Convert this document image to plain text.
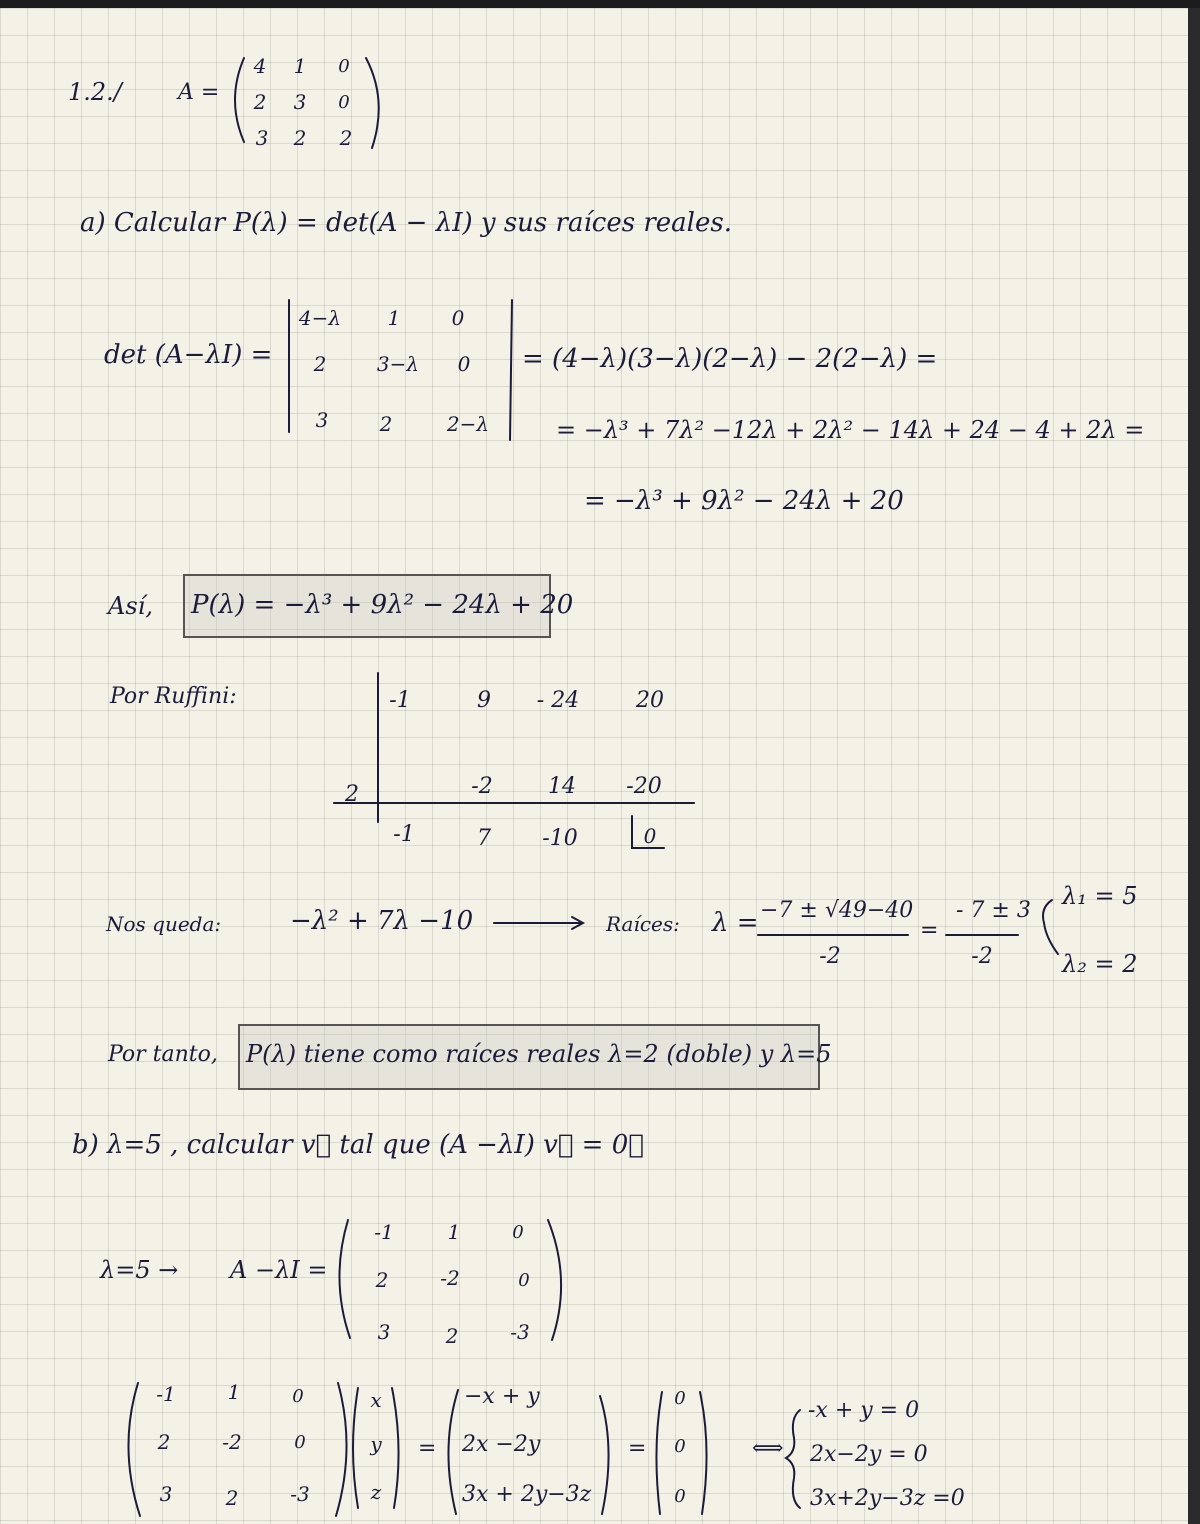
1.2./	A =
4 1 0
2 3 0
3 2 2
a) Calcular P(λ) = det(A − λI) y sus raíces reales.
det (A−λI) =
4−λ 1	0
2	3−λ 0
3	2	2−λ
= (4−λ)(3−λ)(2−λ) − 2(2−λ) =
= −λ³ + 7λ² −12λ + 2λ² − 14λ + 24 − 4 + 2λ =
= −λ³ + 9λ² − 24λ + 20
Así, P(λ) = −λ³ + 9λ² − 24λ + 20
Por Ruffini:	-1	9 - 24	20
2	-2	14 -20
-1	7 -10	0
Nos queda:	−λ² + 7λ −10	Raíces: λ = −7 ± √49−40
-2
=
- 7 ± 3
-2
λ₁ = 5
λ₂ = 2
Por tanto, P(λ) tiene como raíces reales λ=2 (doble) y λ=5
b) λ=5 , calcular v⃗ tal que (A −λI) v⃗ = 0⃗
λ=5 → A −λI =
-1	1	0
2	-2	0
3	2	-3
-1	1	0
2	-2	0
3	2	-3
x
y
z
=
−x + y
2x −2y
3x + 2y−3z
=
0
0
0
⟺
-x + y = 0
2x−2y = 0
3x+2y−3z =0
